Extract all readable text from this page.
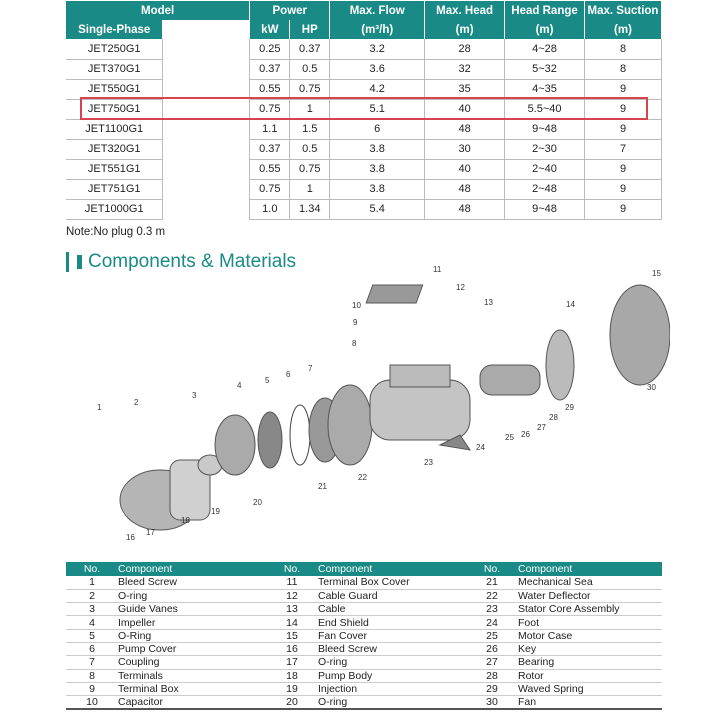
Model		Power		Max. Flow	Max. Head	Head Range	Max. Suction
Single-Phase		kW	HP	(m³/h)	(m)	(m)	(m)
JET250G1		0.25	0.37	3.2	28	4~28	8
JET370G1		0.37	0.5	3.6	32	5~32	8
JET550G1		0.55	0.75	4.2	35	4~35	9
JET750G1		0.75	1	5.1	40	5.5~40	9
JET1100G1		1.1	1.5	6	48	9~48	9
JET320G1		0.37	0.5	3.8	30	2~30	7
JET551G1		0.55	0.75	3.8	40	2~40	9
JET751G1		0.75	1	3.8	48	2~48	9
JET1000G1		1.0	1.34	5.4	48	9~48	9
Note:No plug 0.3 m
Components & Materials
1
2
3
4
5
6
7
8
9
10
11
12
13	14
15
16
17
18
19
20
21
22
23
24
25 26
27
28
29
30
No.	Component	No.	Component	No.	Component
1	Bleed Screw	11	Terminal Box Cover	21	Mechanical Sea
2	O-ring	12	Cable Guard	22	Water Deflector
3	Guide Vanes	13	Cable	23	Stator Core Assembly
4	Impeller	14	End Shield	24	Foot
5	O-Ring	15	Fan Cover	25	Motor Case
6	Pump Cover	16	Bleed Screw	26	Key
7	Coupling	17	O-ring	27	Bearing
8	Terminals	18	Pump Body	28	Rotor
9	Terminal Box	19	Injection	29	Waved Spring
10	Capacitor	20	O-ring	30	Fan
